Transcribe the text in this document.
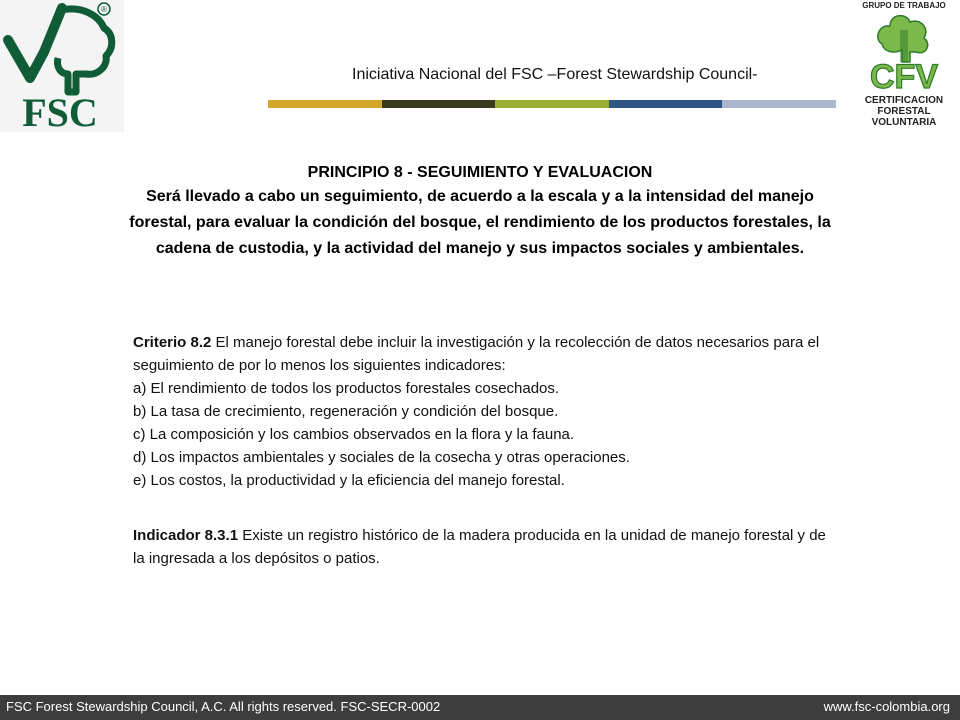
®
FSC
GRUPO DE TRABAJO
CFV
CERTIFICACION
FORESTAL
VOLUNTARIA
Iniciativa Nacional del FSC –Forest Stewardship Council-
PRINCIPIO 8 - SEGUIMIENTO Y EVALUACION
Será llevado a cabo un seguimiento, de acuerdo a la escala y a la intensidad del manejo forestal, para evaluar la condición del bosque, el rendimiento de los productos forestales, la cadena de custodia, y la actividad del manejo y sus impactos sociales y ambientales.

Criterio 8.2 El manejo forestal debe incluir la investigación y la recolección de datos necesarios para el seguimiento de por lo menos los siguientes indicadores:

a) El rendimiento de todos los productos forestales cosechados.

b) La tasa de crecimiento, regeneración y condición del bosque.

c) La composición y los cambios observados en la flora y la fauna.

d) Los impactos ambientales y sociales de la cosecha y otras operaciones.

e) Los costos, la productividad y la eficiencia del manejo forestal.

Indicador 8.3.1 Existe un registro histórico de la madera producida en la unidad de manejo forestal y de la ingresada a los depósitos o patios.

FSC Forest Stewardship Council, A.C. All rights reserved. FSC-SECR-0002	www.fsc-colombia.org
